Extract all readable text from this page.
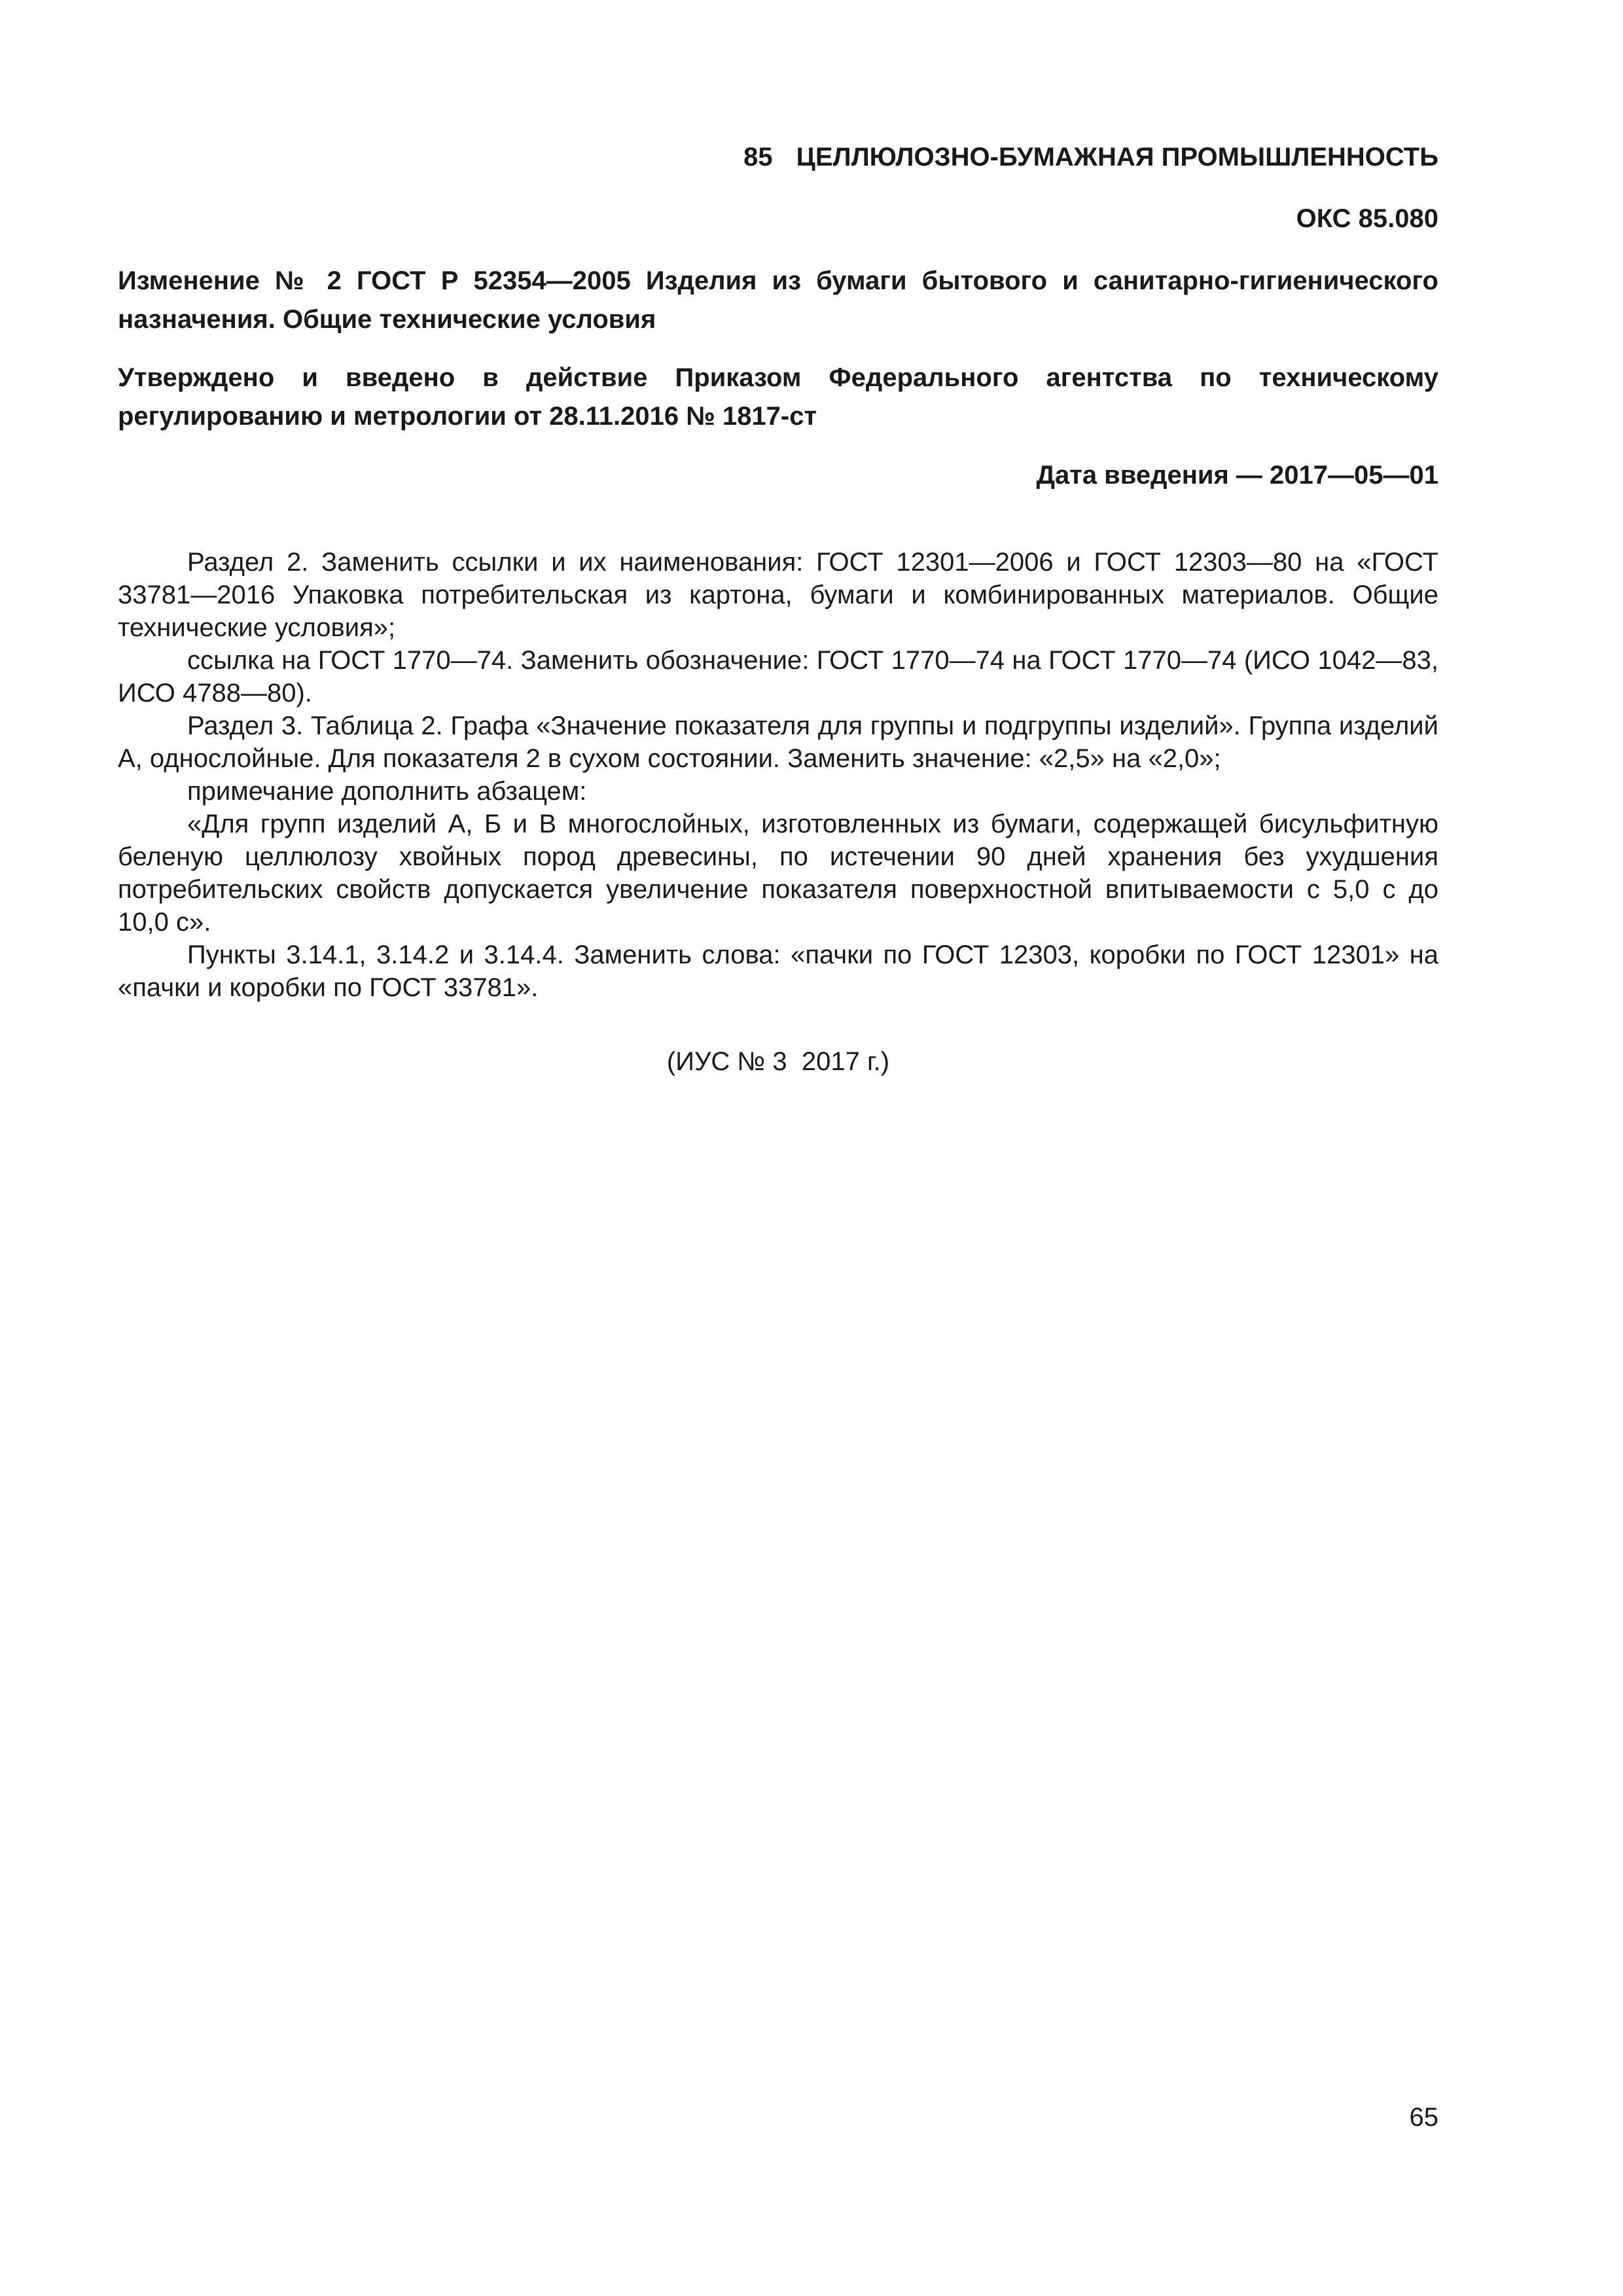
85 ЦЕЛЛЮЛОЗНО-БУМАЖНАЯ ПРОМЫШЛЕННОСТЬ
ОКС 85.080

Изменение № 2 ГОСТ Р 52354—2005 Изделия из бумаги бытового и санитарно-гигиенического назначения. Общие технические условия

Утверждено и введено в действие Приказом Федерального агентства по техническому регулированию и метрологии от 28.11.2016 № 1817-ст

Дата введения — 2017—05—01

Раздел 2. Заменить ссылки и их наименования: ГОСТ 12301—2006 и ГОСТ 12303—80 на «ГОСТ 33781—2016 Упаковка потребительская из картона, бумаги и комбинированных материалов. Общие технические условия»;

ссылка на ГОСТ 1770—74. Заменить обозначение: ГОСТ 1770—74 на ГОСТ 1770—74 (ИСО 1042—83, ИСО 4788—80).

Раздел 3. Таблица 2. Графа «Значение показателя для группы и подгруппы изделий». Группа изделий А, однослойные. Для показателя 2 в сухом состоянии. Заменить значение: «2,5» на «2,0»;

примечание дополнить абзацем:

«Для групп изделий А, Б и В многослойных, изготовленных из бумаги, содержащей бисульфитную беленую целлюлозу хвойных пород древесины, по истечении 90 дней хранения без ухудшения потребительских свойств допускается увеличение показателя поверхностной впитываемости с 5,0 с до 10,0 с».

Пункты 3.14.1, 3.14.2 и 3.14.4. Заменить слова: «пачки по ГОСТ 12303, коробки по ГОСТ 12301» на «пачки и коробки по ГОСТ 33781».

(ИУС № 3  2017 г.)
65
